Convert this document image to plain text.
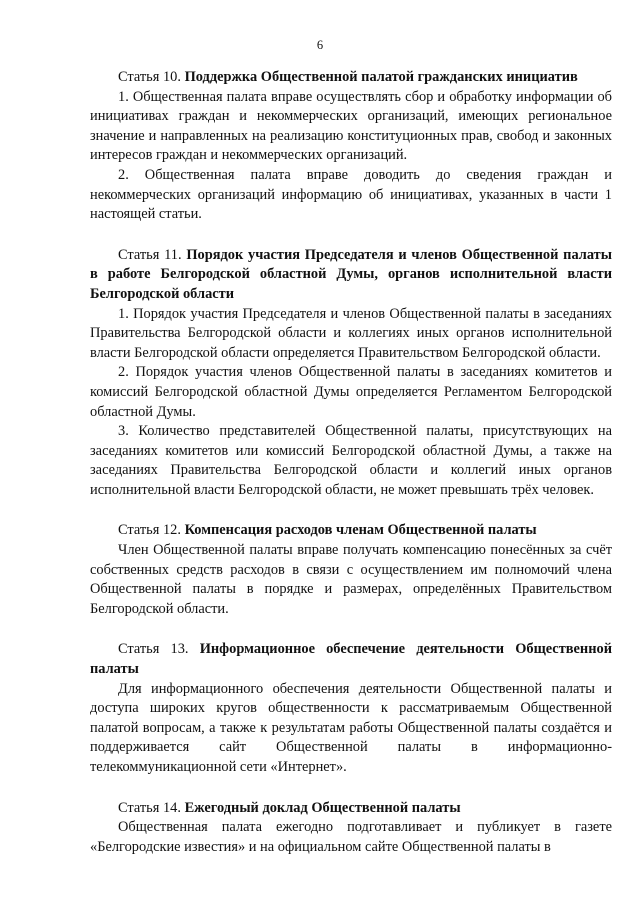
6

Статья 10. Поддержка Общественной палатой гражданских инициатив

1. Общественная палата вправе осуществлять сбор и обработку информации об инициативах граждан и некоммерческих организаций, имеющих региональное значение и направленных на реализацию конституционных прав, свобод и законных интересов граждан и некоммерческих организаций.

2. Общественная палата вправе доводить до сведения граждан и некоммерческих организаций информацию об инициативах, указанных в части 1 настоящей статьи.

Статья 11. Порядок участия Председателя и членов Общественной палаты в работе Белгородской областной Думы, органов исполнительной власти Белгородской области

1. Порядок участия Председателя и членов Общественной палаты в заседаниях Правительства Белгородской области и коллегиях иных органов исполнительной власти Белгородской области определяется Правительством Белгородской области.

2. Порядок участия членов Общественной палаты в заседаниях комитетов и комиссий Белгородской областной Думы определяется Регламентом Белгородской областной Думы.

3. Количество представителей Общественной палаты, присутствующих на заседаниях комитетов или комиссий Белгородской областной Думы, а также на заседаниях Правительства Белгородской области и коллегий иных органов исполнительной власти Белгородской области, не может превышать трёх человек.

Статья 12. Компенсация расходов членам Общественной палаты

Член Общественной палаты вправе получать компенсацию понесённых за счёт собственных средств расходов в связи с осуществлением им полномочий члена Общественной палаты в порядке и размерах, определённых Правительством Белгородской области.

Статья 13. Информационное обеспечение деятельности Общественной палаты

Для информационного обеспечения деятельности Общественной палаты и доступа широких кругов общественности к рассматриваемым Общественной палатой вопросам, а также к результатам работы Общественной палаты создаётся и поддерживается сайт Общественной палаты в информационно-телекоммуникационной сети «Интернет».

Статья 14. Ежегодный доклад Общественной палаты

Общественная палата ежегодно подготавливает и публикует в газете «Белгородские известия» и на официальном сайте Общественной палаты в
